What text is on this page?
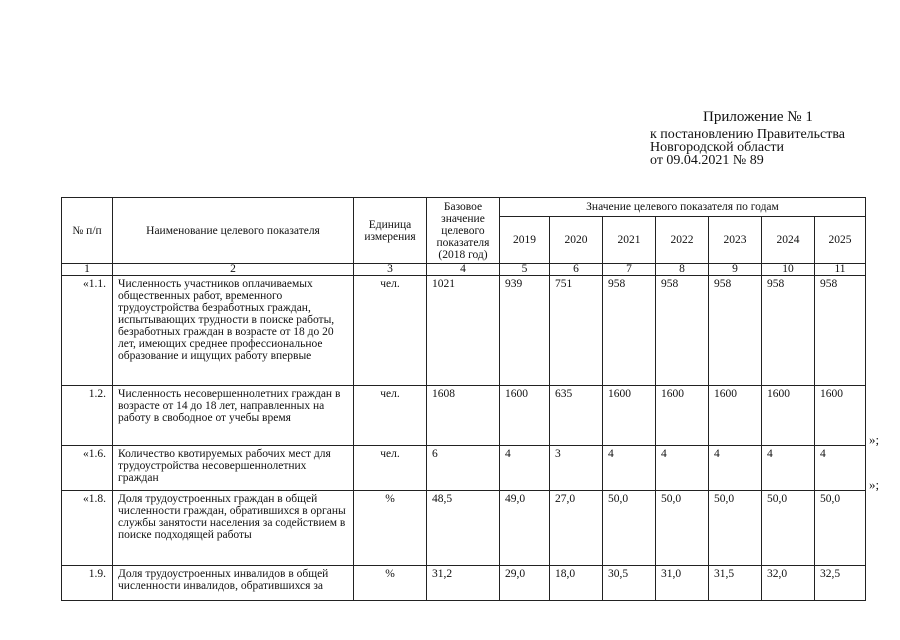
Приложение № 1
к постановлению Правительства
Новгородской области
от 09.04.2021 № 89
№ п/п	Наименование целевого показателя	Единица измерения	Базовое значение целевого показателя (2018 год)	Значение целевого показателя по годам						
				2019	2020	2021	2022	2023	2024	2025
1	2	3	4	5	6	7	8	9	10	11
«1.1.	Численность участников оплачиваемых общественных работ, временного трудоустройства безработных граждан, испытывающих трудности в поиске работы, безработных граждан в возрасте от 18 до 20 лет, имеющих среднее профессиональное образование и ищущих работу впервые	чел.	1021	939	751	958	958	958	958	958
1.2.	Численность несовершеннолетних граждан в возрасте от 14 до 18 лет, направленных на работу в свободное от учебы время	чел.	1608	1600	635	1600	1600	1600	1600	1600
«1.6.	Количество квотируемых рабочих мест для трудоустройства несовершеннолетних граждан	чел.	6	4	3	4	4	4	4	4
«1.8.	Доля трудоустроенных граждан в общей численности граждан, обратившихся в органы службы занятости населения за содействием в поиске подходящей работы	%	48,5	49,0	27,0	50,0	50,0	50,0	50,0	50,0
1.9.	Доля трудоустроенных инвалидов в общей численности инвалидов, обратившихся за	%	31,2	29,0	18,0	30,5	31,0	31,5	32,0	32,5
»;
»;
